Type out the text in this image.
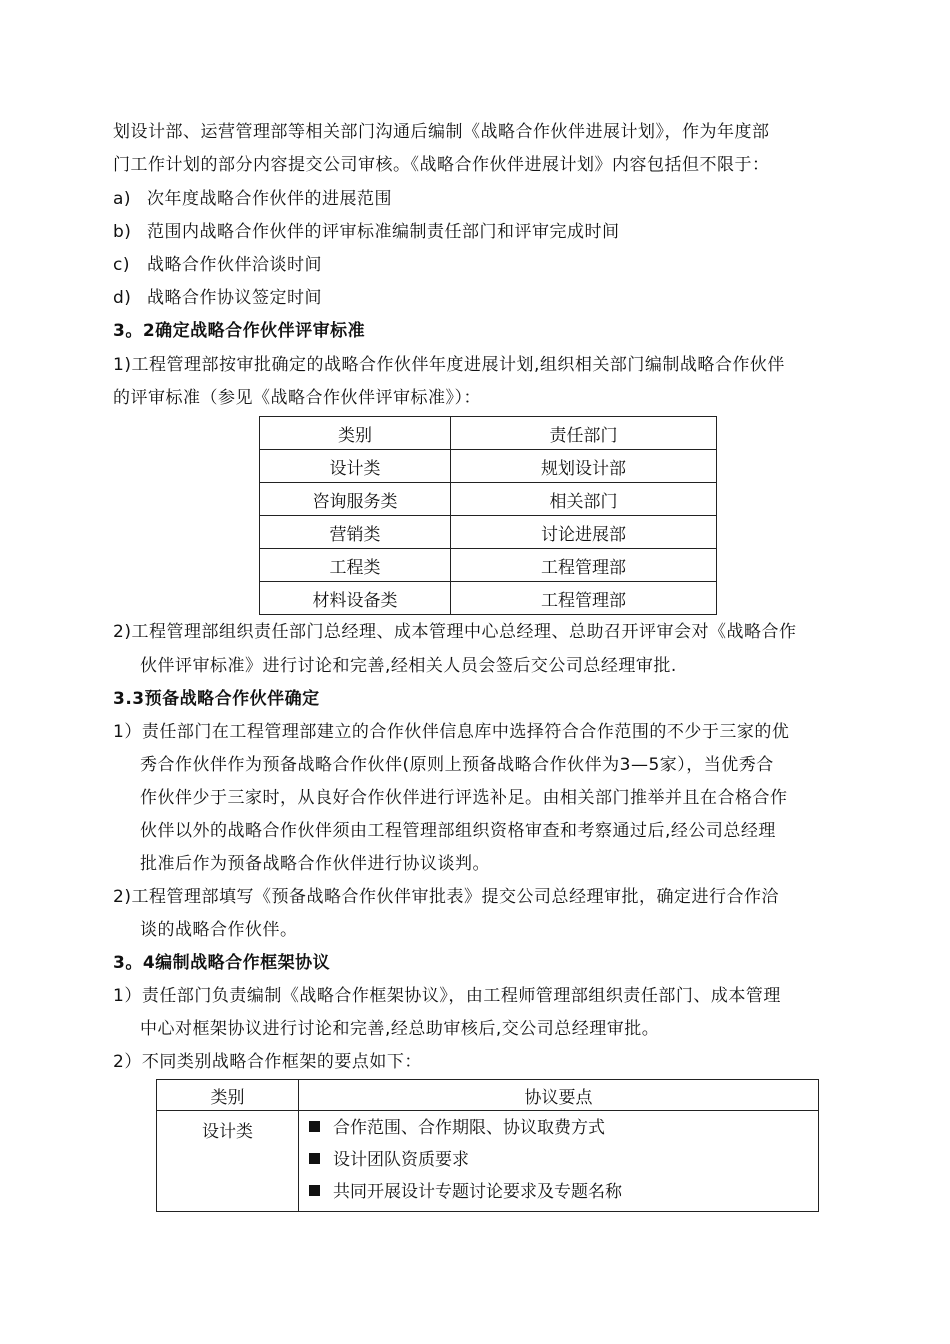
划设计部、运营管理部等相关部门沟通后编制《战略合作伙伴进展计划》，作为年度部
门工作计划的部分内容提交公司审核。《战略合作伙伴进展计划》内容包括但不限于：
a) 次年度战略合作伙伴的进展范围
b) 范围内战略合作伙伴的评审标准编制责任部门和评审完成时间
c) 战略合作伙伴洽谈时间
d) 战略合作协议签定时间
3。2确定战略合作伙伴评审标准
1)工程管理部按审批确定的战略合作伙伴年度进展计划,组织相关部门编制战略合作伙伴
的评审标准（参见《战略合作伙伴评审标准》）：
类别	责任部门
设计类	规划设计部
咨询服务类	相关部门
营销类	讨论进展部
工程类	工程管理部
材料设备类	工程管理部
2)工程管理部组织责任部门总经理、成本管理中心总经理、总助召开评审会对《战略合作
伙伴评审标准》进行讨论和完善,经相关人员会签后交公司总经理审批.
3.3预备战略合作伙伴确定
1）责任部门在工程管理部建立的合作伙伴信息库中选择符合合作范围的不少于三家的优
秀合作伙伴作为预备战略合作伙伴(原则上预备战略合作伙伴为3—5家），当优秀合
作伙伴少于三家时，从良好合作伙伴进行评选补足。由相关部门推举并且在合格合作
伙伴以外的战略合作伙伴须由工程管理部组织资格审查和考察通过后,经公司总经理
批准后作为预备战略合作伙伴进行协议谈判。
2)工程管理部填写《预备战略合作伙伴审批表》提交公司总经理审批，确定进行合作洽
谈的战略合作伙伴。
3。4编制战略合作框架协议
1）责任部门负责编制《战略合作框架协议》，由工程师管理部组织责任部门、成本管理
中心对框架协议进行讨论和完善,经总助审核后,交公司总经理审批。
2）不同类别战略合作框架的要点如下：
类别	协议要点
设计类	合作范围、合作期限、协议取费方式
设计团队资质要求
共同开展设计专题讨论要求及专题名称
